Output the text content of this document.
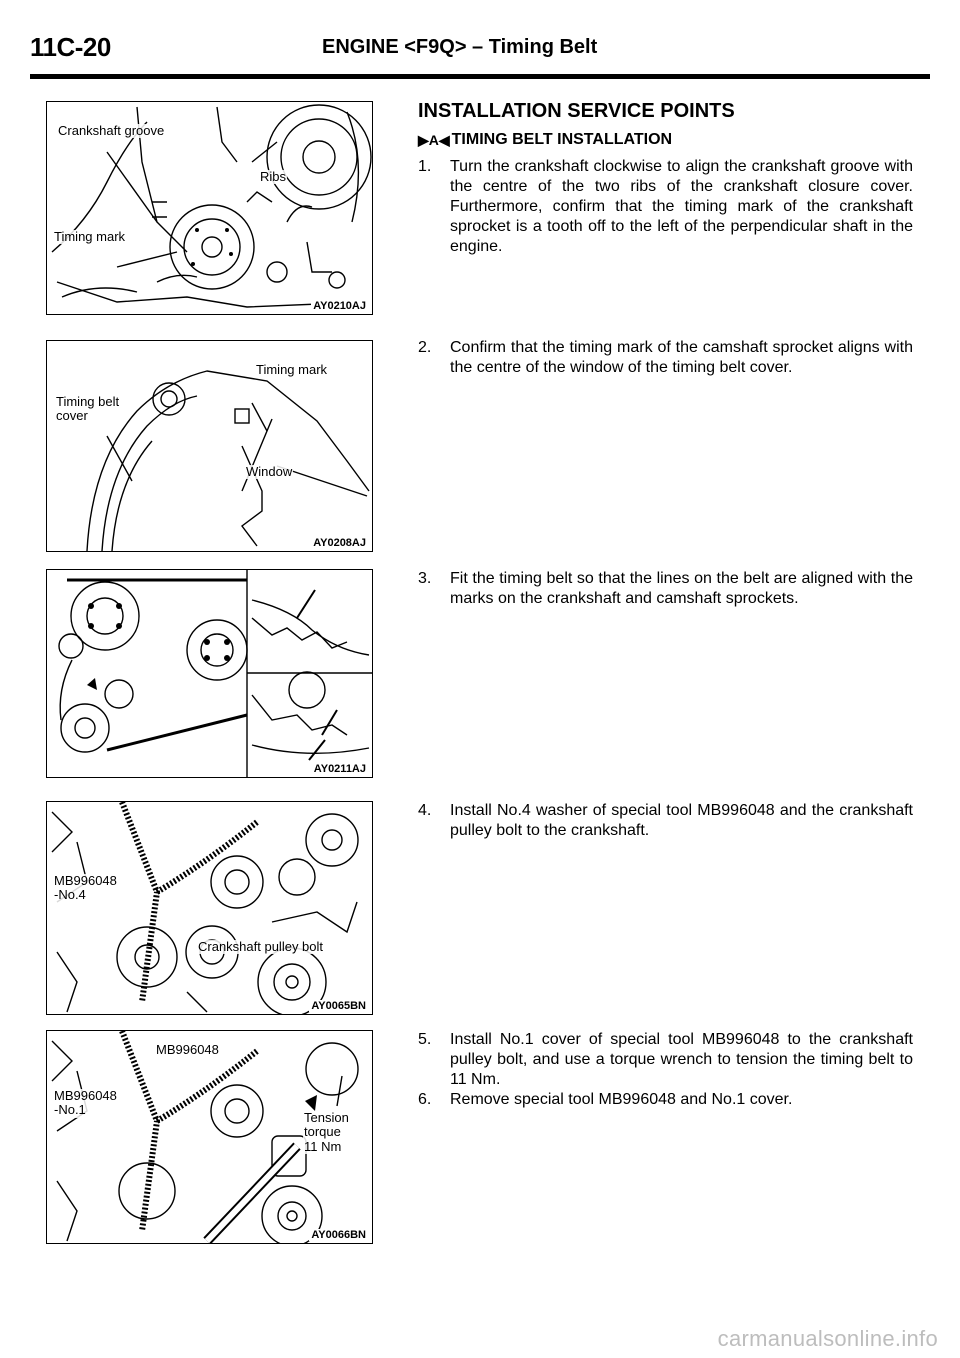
11C-20	ENGINE <F9Q> – Timing Belt
Crankshaft groove
Ribs
Timing mark
AY0210AJ
Timing mark
Timing belt
cover
Window
AY0208AJ
AY0211AJ
MB996048
-No.4
Crankshaft pulley bolt
AY0065BN
MB996048
MB996048
-No.1
Tension
torque
11 Nm
AY0066BN
INSTALLATION SERVICE POINTS
▶A◀ TIMING BELT INSTALLATION
1.	Turn the crankshaft clockwise to align the crankshaft groove with the centre of the two ribs of the crankshaft closure cover. Furthermore, confirm that the timing mark of the crankshaft sprocket is a tooth off to the left of the perpendicular shaft in the engine.
2.	Confirm that the timing mark of the camshaft sprocket aligns with the centre of the window of the timing belt cover.
3.	Fit the timing belt so that the lines on the belt are aligned with the marks on the crankshaft and camshaft sprockets.
4.	Install No.4 washer of special tool MB996048 and the crankshaft pulley bolt to the crankshaft.
5.	Install No.1 cover of special tool MB996048 to the crankshaft pulley bolt, and use a torque wrench to tension the timing belt to 11 Nm.
6.	Remove special tool MB996048 and No.1 cover.
carmanualsonline.info
